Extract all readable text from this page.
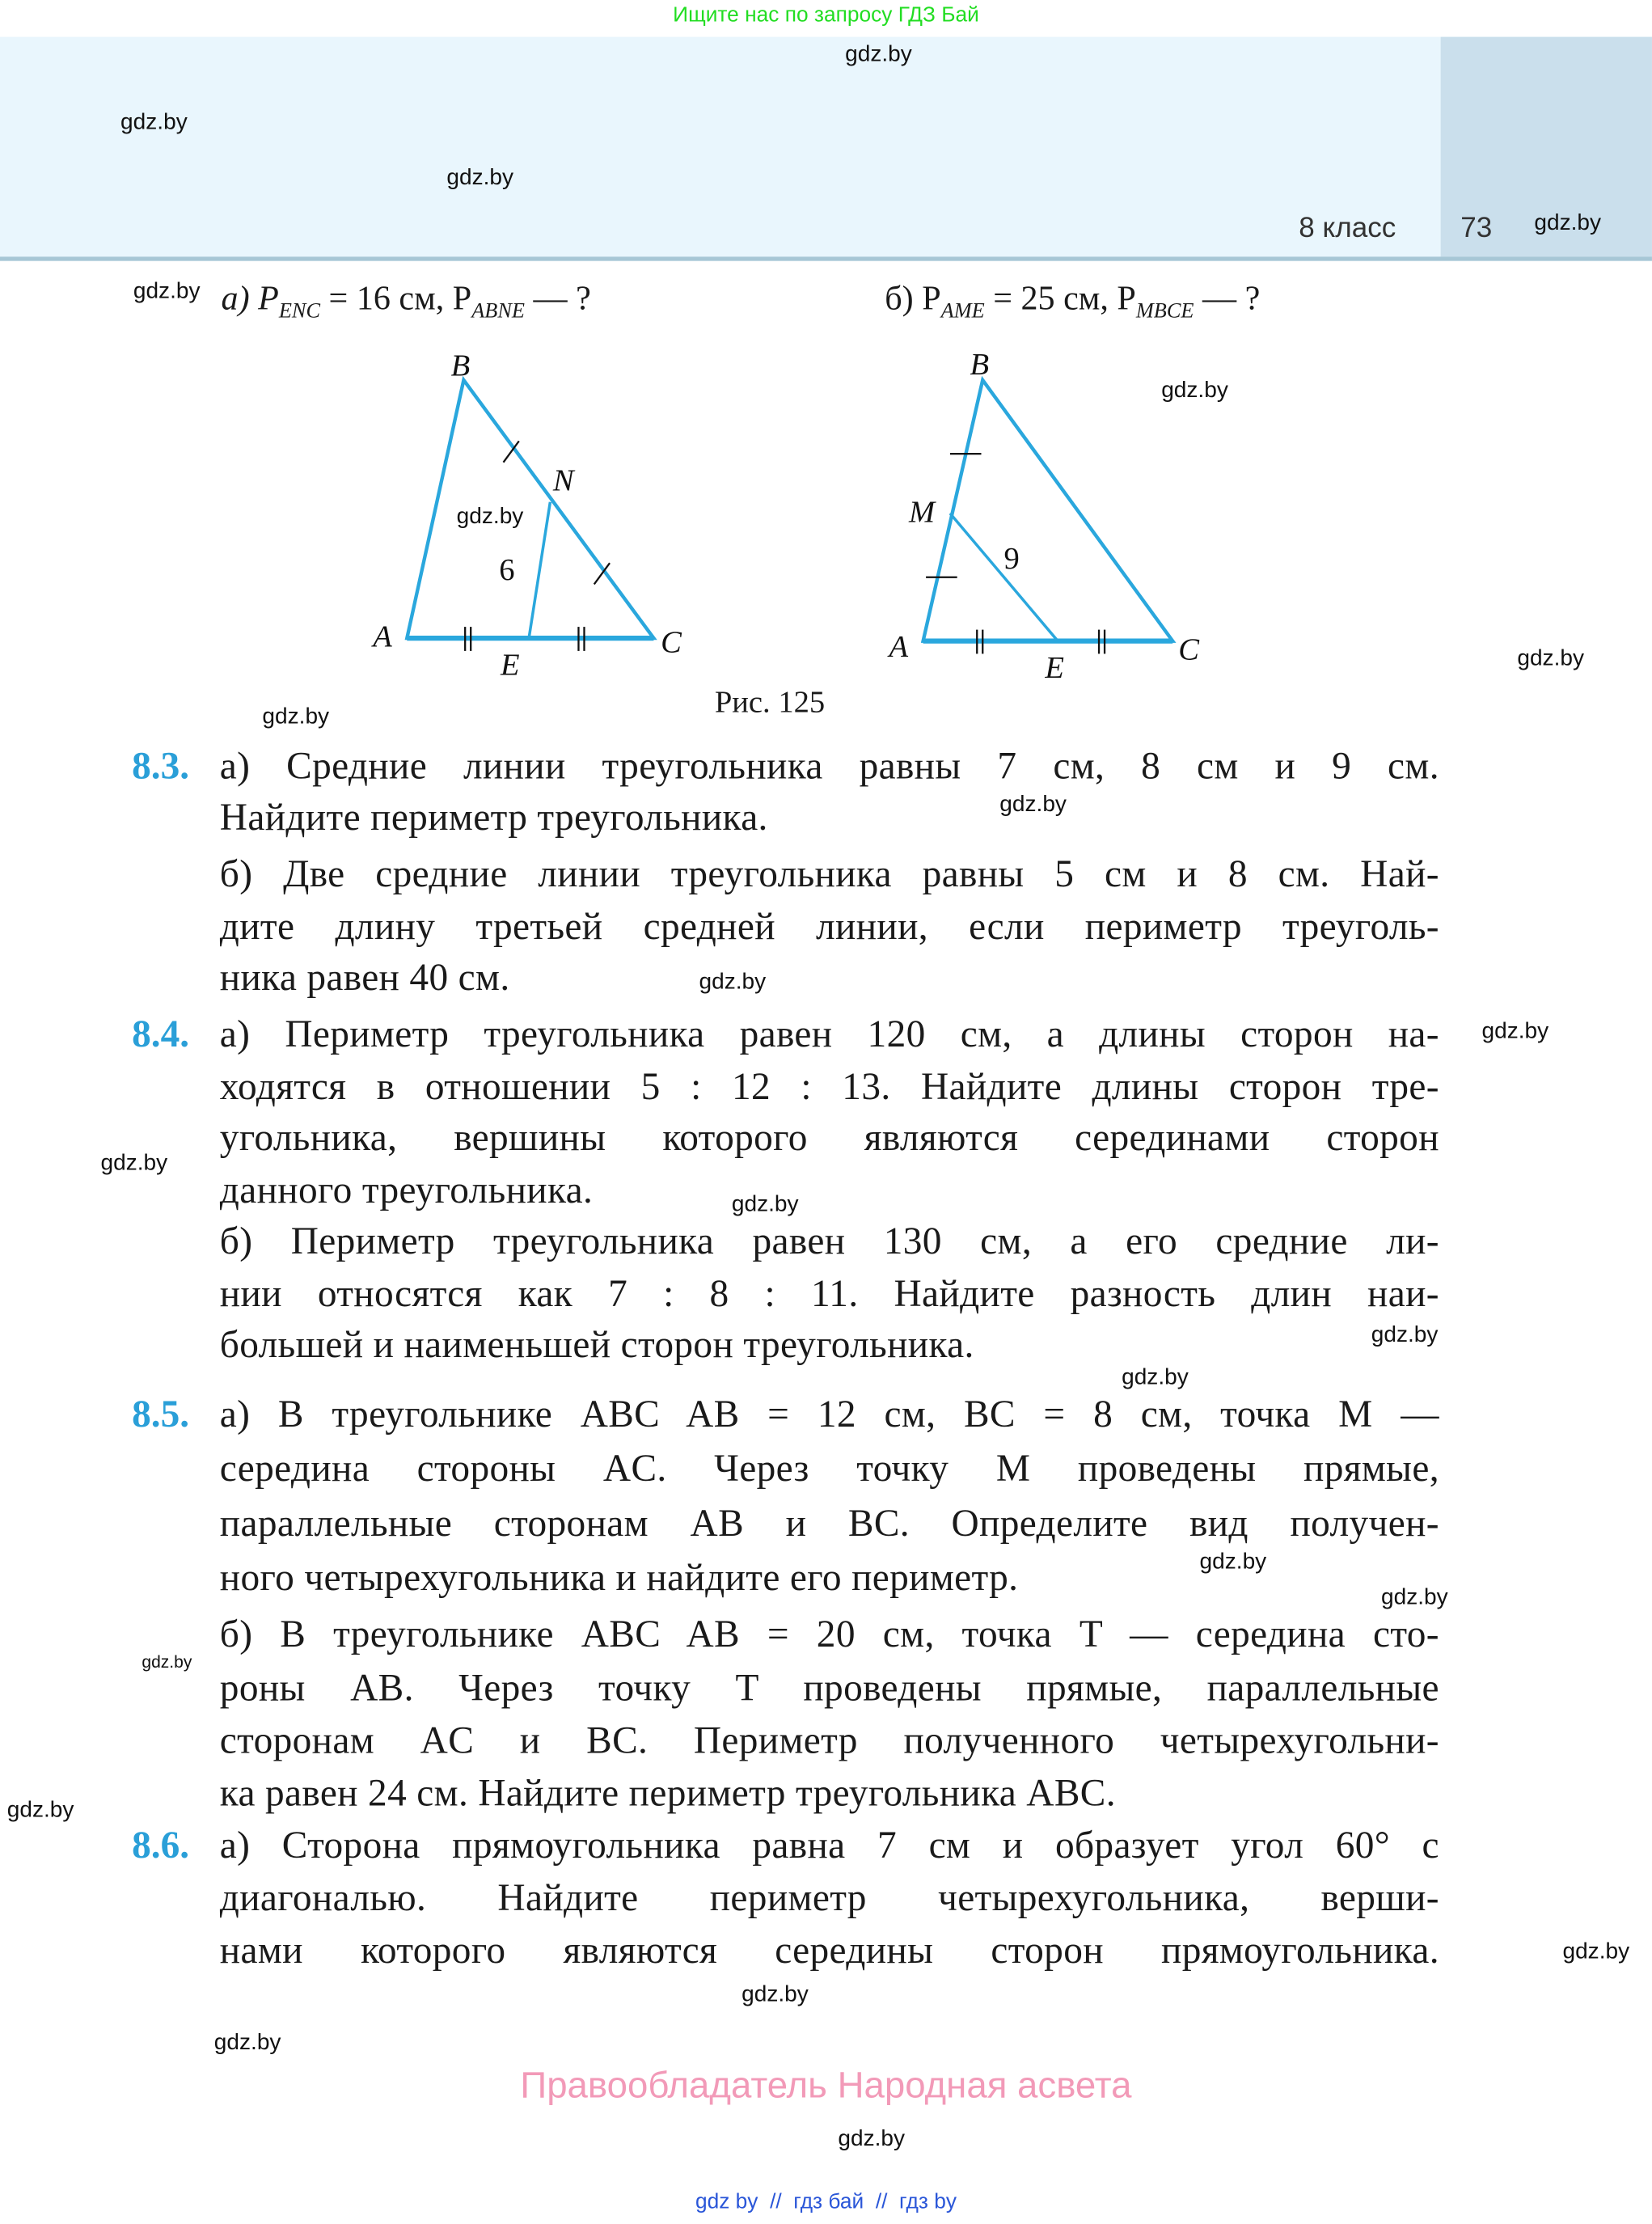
Ищите нас по запросу ГДЗ Бай
8 класс	73
а) $P_{ENC} = 16$ см, $P_{ABNE}$ — ?	б) $P_{AME} = 25$ см, $P_{MBCE}$ — ?
B
N
A	C
E
6
B
M
A	C
E
9
Рис. 125
8.3. а) Средние линии треугольника равны 7 см, 8 см и 9 см.
Найдите периметр треугольника.
б) Две средние линии треугольника равны 5 см и 8 см. Най-
дите длину третьей средней линии, если периметр треуголь-
ника равен 40 см.
8.4. а) Периметр треугольника равен 120 см, а длины сторон на-
ходятся в отношении 5 : 12 : 13. Найдите длины сторон тре-
угольника, вершины которого являются серединами сторон
данного треугольника.
б) Периметр треугольника равен 130 см, а его средние ли-
нии относятся как 7 : 8 : 11. Найдите разность длин наи-
большей и наименьшей сторон треугольника.
8.5. а) В треугольнике ABC AB = 12 см, BC = 8 см, точка M —
середина стороны AC. Через точку M проведены прямые,
параллельные сторонам AB и BC. Определите вид получен-
ного четырехугольника и найдите его периметр.
б) В треугольнике ABC AB = 20 см, точка T — середина сто-
роны AB. Через точку T проведены прямые, параллельные
сторонам AC и BC. Периметр полученного четырехугольни-
ка равен 24 см. Найдите периметр треугольника ABC.
8.6. а) Сторона прямоугольника равна 7 см и образует угол 60° с
диагональю. Найдите периметр четырехугольника, верши-
нами которого являются середины сторон прямоугольника.
gdz.by
gdz.by
gdz.by
gdz.by
gdz.by
gdz.by
gdz.by
gdz.by
gdz.by
gdz.by
gdz.by
gdz.by
gdz.by
gdz.by
gdz.by
gdz.by
gdz.by
gdz.by
gdz.by
gdz.by
gdz.by
gdz.by
gdz.by
gdz.by
Правообладатель Народная асвета
gdz by  //  гдз бай  //  гдз by
